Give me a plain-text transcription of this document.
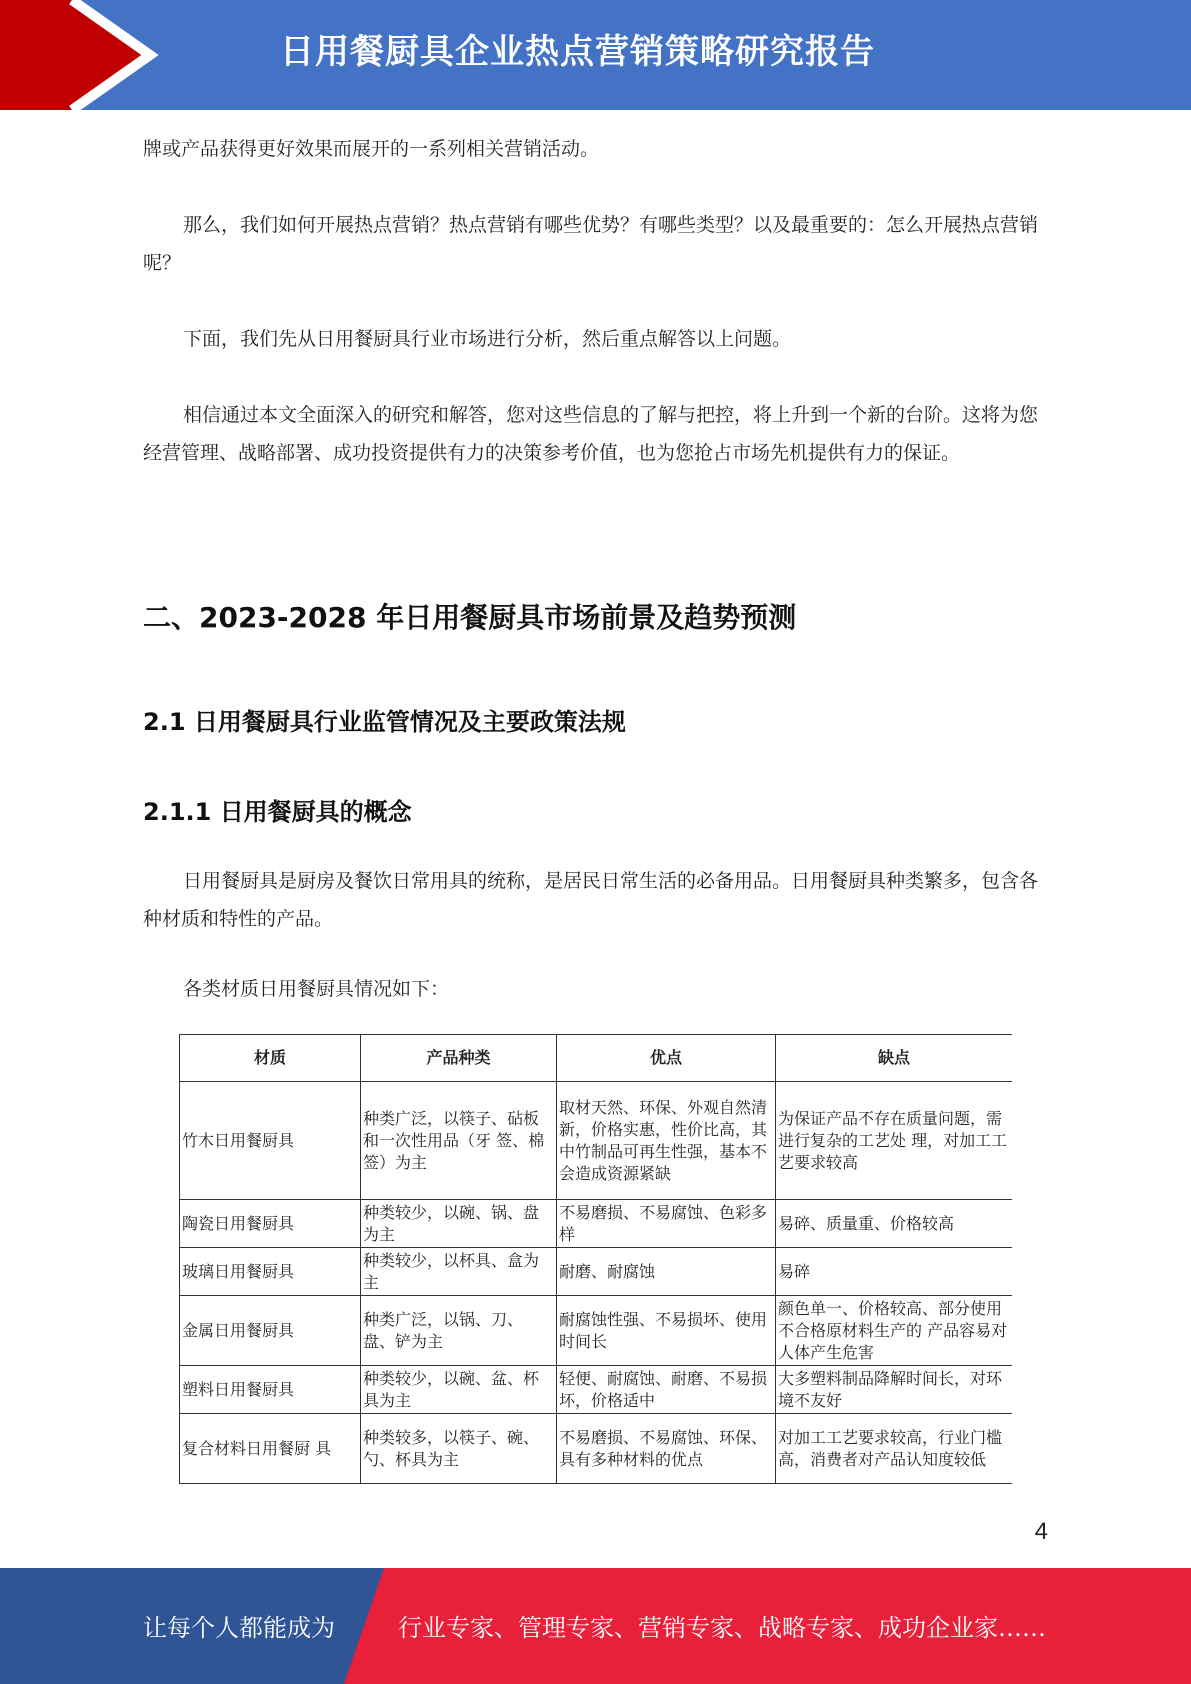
日用餐厨具企业热点营销策略研究报告

牌或产品获得更好效果而展开的一系列相关营销活动。

那么，我们如何开展热点营销？热点营销有哪些优势？有哪些类型？以及最重要的：怎么开展热点营销呢？

下面，我们先从日用餐厨具行业市场进行分析，然后重点解答以上问题。

相信通过本文全面深入的研究和解答，您对这些信息的了解与把控，将上升到一个新的台阶。这将为您经营管理、战略部署、成功投资提供有力的决策参考价值，也为您抢占市场先机提供有力的保证。

二、2023-2028 年日用餐厨具市场前景及趋势预测
2.1 日用餐厨具行业监管情况及主要政策法规
2.1.1 日用餐厨具的概念

日用餐厨具是厨房及餐饮日常用具的统称，是居民日常生活的必备用品。日用餐厨具种类繁多，包含各种材质和特性的产品。

各类材质日用餐厨具情况如下：

材质	产品种类	优点	缺点
竹木日用餐厨具	种类广泛，以筷子、砧板和一次性用品（牙 签、棉签）为主	取材天然、环保、外观自然清新，价格实惠，性价比高，其中竹制品可再生性强，基本不会造成资源紧缺	为保证产品不存在质量问题，需进行复杂的工艺处 理，对加工工艺要求较高
陶瓷日用餐厨具	种类较少，以碗、锅、盘为主	不易磨损、不易腐蚀、色彩多样	易碎、质量重、价格较高
玻璃日用餐厨具	种类较少，以杯具、盒为主	耐磨、耐腐蚀	易碎
金属日用餐厨具	种类广泛，以锅、刀、盘、铲为主	耐腐蚀性强、不易损坏、使用时间长	颜色单一、价格较高、部分使用不合格原材料生产的 产品容易对人体产生危害
塑料日用餐厨具	种类较少，以碗、盆、杯具为主	轻便、耐腐蚀、耐磨、不易损坏，价格适中	大多塑料制品降解时间长，对环境不友好
复合材料日用餐厨 具	种类较多，以筷子、碗、勺、杯具为主	不易磨损、不易腐蚀、环保、具有多种材料的优点	对加工工艺要求较高，行业门槛高，消费者对产品认知度较低
4
让每个人都能成为	行业专家、管理专家、营销专家、战略专家、成功企业家……
